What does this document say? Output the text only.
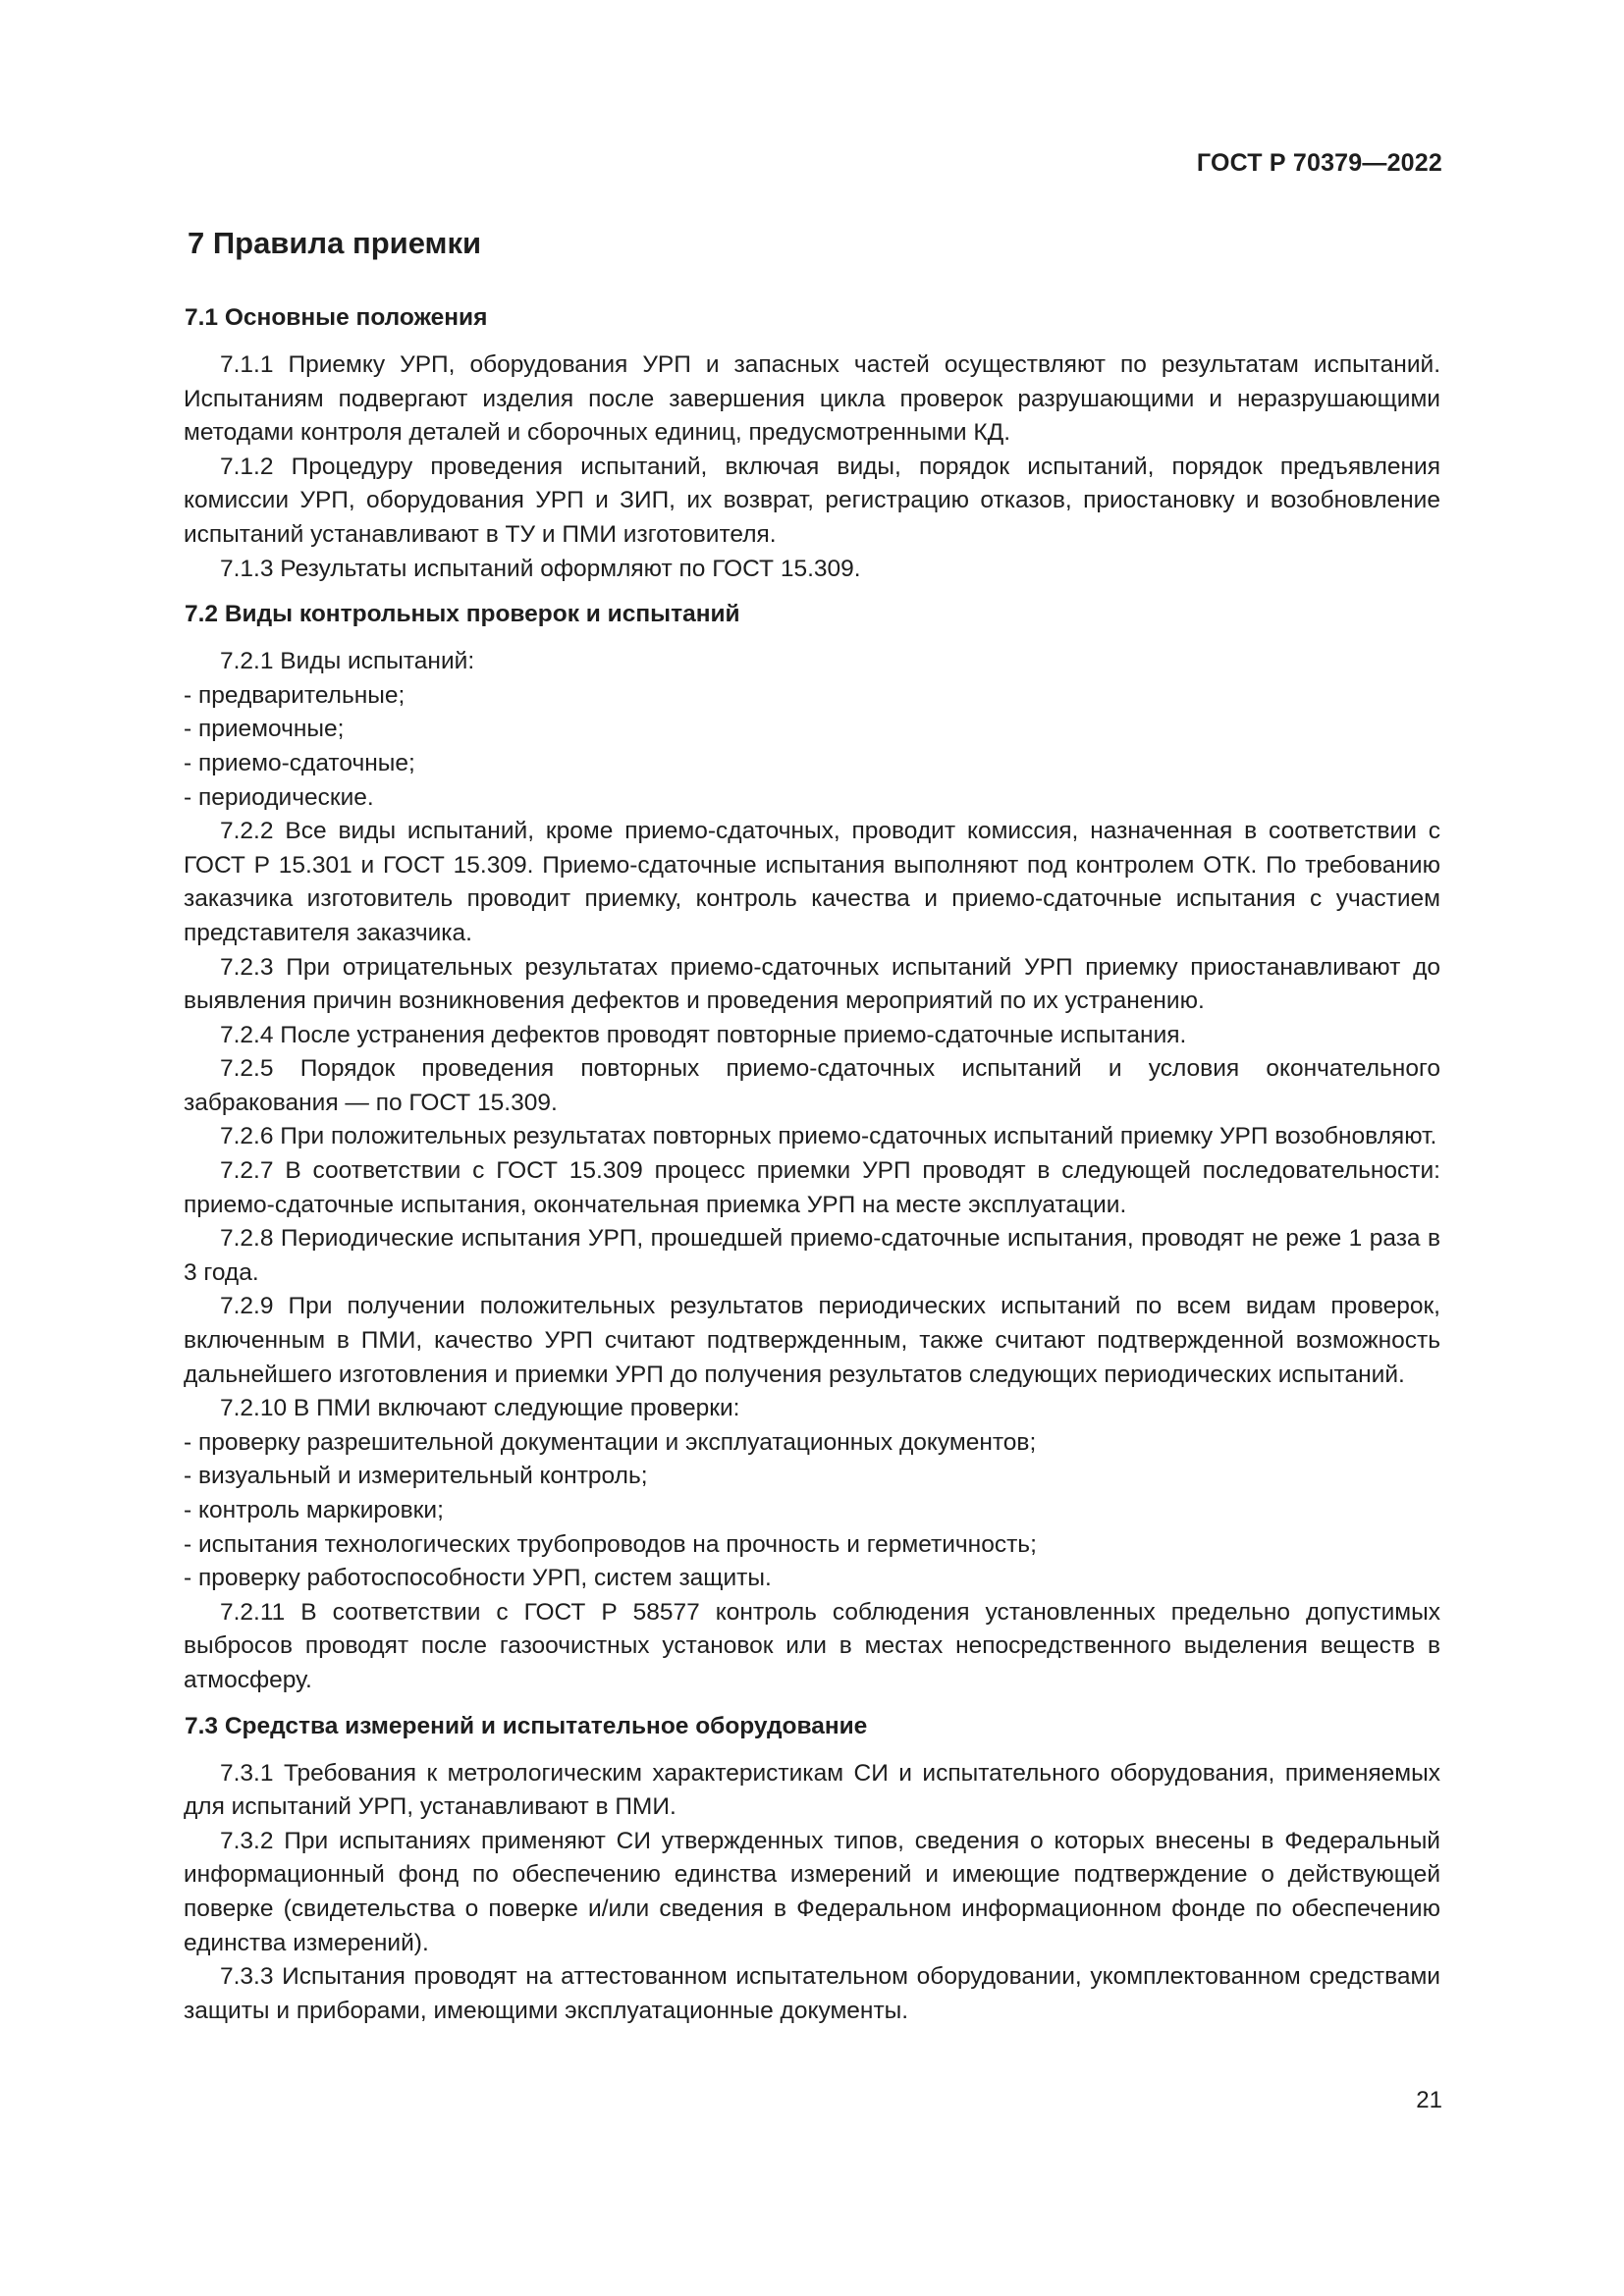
ГОСТ Р 70379—2022
7 Правила приемки
7.1 Основные положения

7.1.1 Приемку УРП, оборудования УРП и запасных частей осуществляют по результатам испытаний. Испытаниям подвергают изделия после завершения цикла проверок разрушающими и неразрушающими методами контроля деталей и сборочных единиц, предусмотренными КД.

7.1.2 Процедуру проведения испытаний, включая виды, порядок испытаний, порядок предъявления комиссии УРП, оборудования УРП и ЗИП, их возврат, регистрацию отказов, приостановку и возобновление испытаний устанавливают в ТУ и ПМИ изготовителя.

7.1.3 Результаты испытаний оформляют по ГОСТ 15.309.

7.2 Виды контрольных проверок и испытаний

7.2.1 Виды испытаний:

- предварительные;

- приемочные;

- приемо-сдаточные;

- периодические.

7.2.2 Все виды испытаний, кроме приемо-сдаточных, проводит комиссия, назначенная в соответствии с ГОСТ Р 15.301 и ГОСТ 15.309. Приемо-сдаточные испытания выполняют под контролем ОТК. По требованию заказчика изготовитель проводит приемку, контроль качества и приемо-сдаточные испытания с участием представителя заказчика.

7.2.3 При отрицательных результатах приемо-сдаточных испытаний УРП приемку приостанавливают до выявления причин возникновения дефектов и проведения мероприятий по их устранению.

7.2.4 После устранения дефектов проводят повторные приемо-сдаточные испытания.

7.2.5 Порядок проведения повторных приемо-сдаточных испытаний и условия окончательного забракования — по ГОСТ 15.309.

7.2.6 При положительных результатах повторных приемо-сдаточных испытаний приемку УРП возобновляют.

7.2.7 В соответствии с ГОСТ 15.309 процесс приемки УРП проводят в следующей последовательности: приемо-сдаточные испытания, окончательная приемка УРП на месте эксплуатации.

7.2.8 Периодические испытания УРП, прошедшей приемо-сдаточные испытания, проводят не реже 1 раза в 3 года.

7.2.9 При получении положительных результатов периодических испытаний по всем видам проверок, включенным в ПМИ, качество УРП считают подтвержденным, также считают подтвержденной возможность дальнейшего изготовления и приемки УРП до получения результатов следующих периодических испытаний.

7.2.10 В ПМИ включают следующие проверки:

- проверку разрешительной документации и эксплуатационных документов;

- визуальный и измерительный контроль;

- контроль маркировки;

- испытания технологических трубопроводов на прочность и герметичность;

- проверку работоспособности УРП, систем защиты.

7.2.11 В соответствии с ГОСТ Р 58577 контроль соблюдения установленных предельно допустимых выбросов проводят после газоочистных установок или в местах непосредственного выделения веществ в атмосферу.

7.3 Средства измерений и испытательное оборудование

7.3.1 Требования к метрологическим характеристикам СИ и испытательного оборудования, применяемых для испытаний УРП, устанавливают в ПМИ.

7.3.2 При испытаниях применяют СИ утвержденных типов, сведения о которых внесены в Федеральный информационный фонд по обеспечению единства измерений и имеющие подтверждение о действующей поверке (свидетельства о поверке и/или сведения в Федеральном информационном фонде по обеспечению единства измерений).

7.3.3 Испытания проводят на аттестованном испытательном оборудовании, укомплектованном средствами защиты и приборами, имеющими эксплуатационные документы.

21
